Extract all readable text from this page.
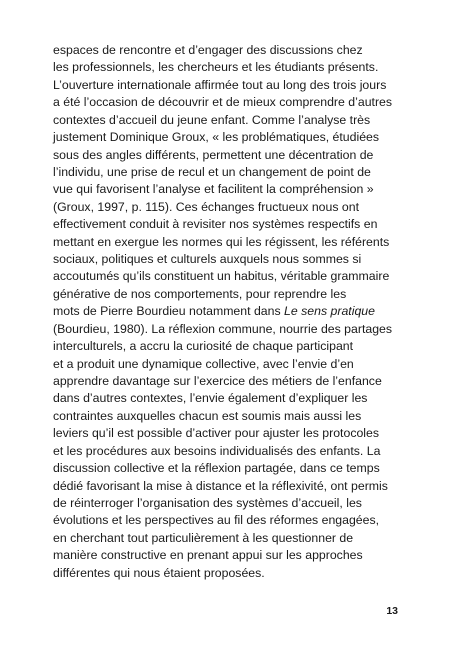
espaces de rencontre et d’engager des discussions chez
les professionnels, les chercheurs et les étudiants présents.
L’ouverture internationale affirmée tout au long des trois jours
a été l’occasion de découvrir et de mieux comprendre d’autres
contextes d’accueil du jeune enfant. Comme l’analyse très
justement Dominique Groux, « les problématiques, étudiées
sous des angles différents, permettent une décentration de
l’individu, une prise de recul et un changement de point de
vue qui favorisent l’analyse et facilitent la compréhension »
(Groux, 1997, p. 115). Ces échanges fructueux nous ont
effectivement conduit à revisiter nos systèmes respectifs en
mettant en exergue les normes qui les régissent, les référents
sociaux, politiques et culturels auxquels nous sommes si
accoutumés qu’ils constituent un habitus, véritable grammaire
générative de nos comportements, pour reprendre les
mots de Pierre Bourdieu notamment dans Le sens pratique
(Bourdieu, 1980). La réflexion commune, nourrie des partages
interculturels, a accru la curiosité de chaque participant
et a produit une dynamique collective, avec l’envie d’en
apprendre davantage sur l’exercice des métiers de l’enfance
dans d’autres contextes, l’envie également d’expliquer les
contraintes auxquelles chacun est soumis mais aussi les
leviers qu’il est possible d’activer pour ajuster les protocoles
et les procédures aux besoins individualisés des enfants. La
discussion collective et la réflexion partagée, dans ce temps
dédié favorisant la mise à distance et la réflexivité, ont permis
de réinterroger l’organisation des systèmes d’accueil, les
évolutions et les perspectives au fil des réformes engagées,
en cherchant tout particulièrement à les questionner de
manière constructive en prenant appui sur les approches
différentes qui nous étaient proposées.
13
